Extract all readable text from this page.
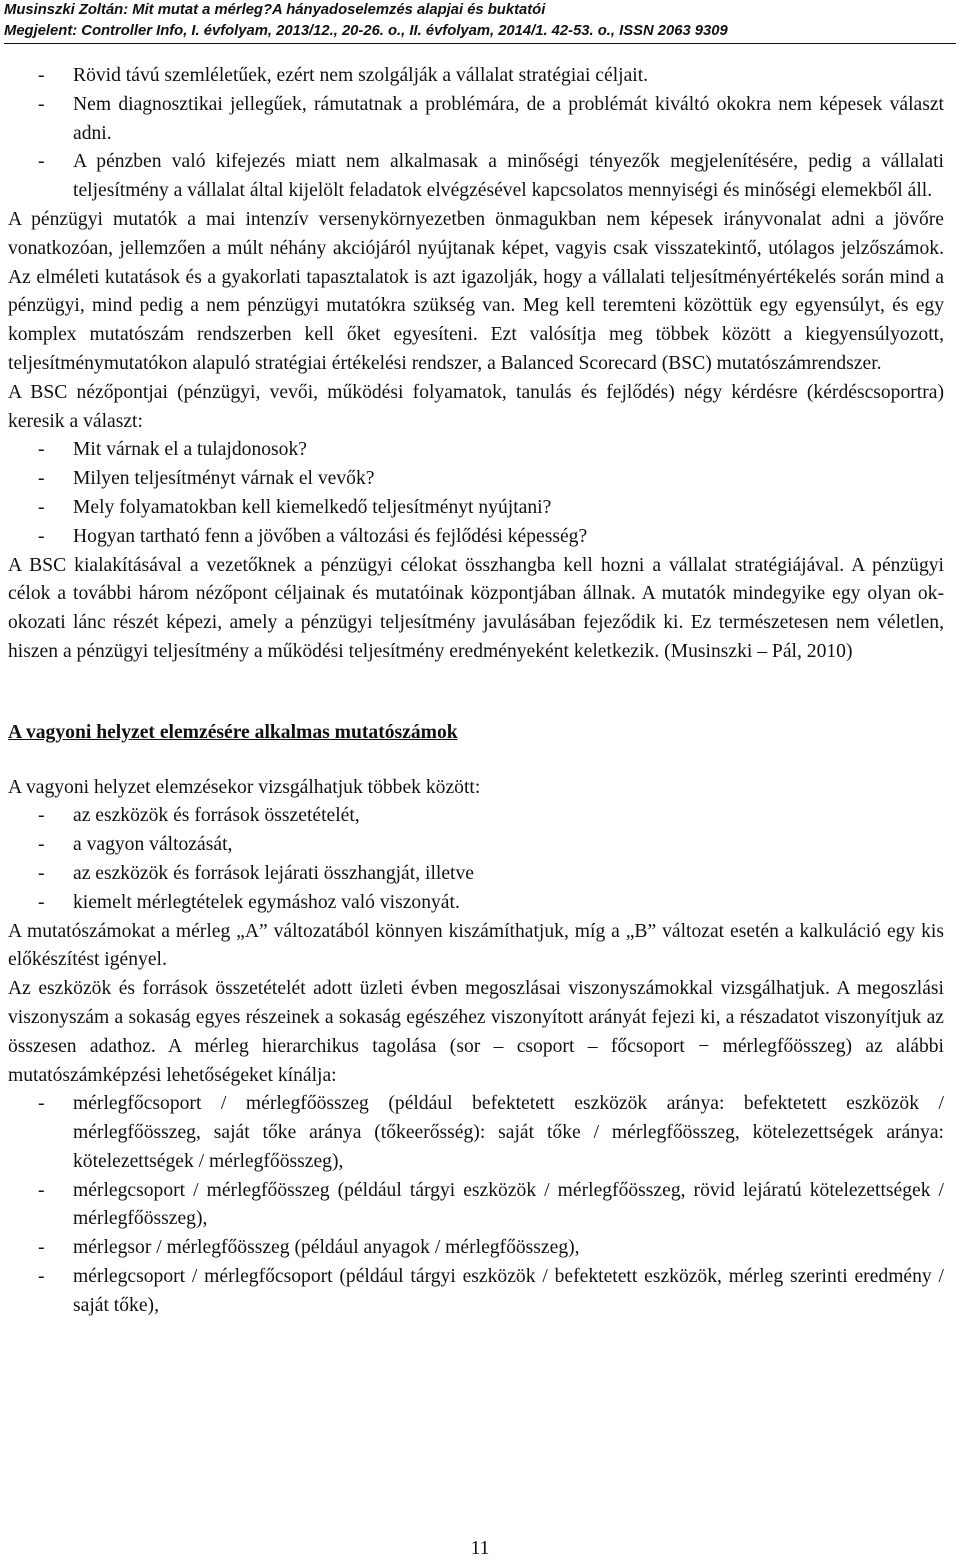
Musinszki Zoltán: Mit mutat a mérleg?A hányadoselemzés alapjai és buktatói
Megjelent: Controller Info, I. évfolyam, 2013/12., 20-26. o., II. évfolyam, 2014/1. 42-53. o., ISSN 2063 9309
-
Rövid távú szemléletűek, ezért nem szolgálják a vállalat stratégiai céljait.
-
Nem diagnosztikai jellegűek, rámutatnak a problémára, de a problémát kiváltó okokra nem képesek választ adni.
-
A pénzben való kifejezés miatt nem alkalmasak a minőségi tényezők megjelenítésére, pedig a vállalati teljesítmény a vállalat által kijelölt feladatok elvégzésével kapcsolatos mennyiségi és minőségi elemekből áll.

A pénzügyi mutatók a mai intenzív versenykörnyezetben önmagukban nem képesek irányvonalat adni a jövőre vonatkozóan, jellemzően a múlt néhány akciójáról nyújtanak képet, vagyis csak visszatekintő, utólagos jelzőszámok. Az elméleti kutatások és a gyakorlati tapasztalatok is azt igazolják, hogy a vállalati teljesítményértékelés során mind a pénzügyi, mind pedig a nem pénzügyi mutatókra szükség van. Meg kell teremteni közöttük egy egyensúlyt, és egy komplex mutatószám rendszerben kell őket egyesíteni. Ezt valósítja meg többek között a kiegyensúlyozott, teljesítménymutatókon alapuló stratégiai értékelési rendszer, a Balanced Scorecard (BSC) mutatószámrendszer.

A BSC nézőpontjai (pénzügyi, vevői, működési folyamatok, tanulás és fejlődés) négy kérdésre (kérdéscsoportra) keresik a választ:

-
Mit várnak el a tulajdonosok?
-
Milyen teljesítményt várnak el vevők?
-
Mely folyamatokban kell kiemelkedő teljesítményt nyújtani?
-
Hogyan tartható fenn a jövőben a változási és fejlődési képesség?

A BSC kialakításával a vezetőknek a pénzügyi célokat összhangba kell hozni a vállalat stratégiájával. A pénzügyi célok a további három nézőpont céljainak és mutatóinak központjában állnak. A mutatók mindegyike egy olyan ok-okozati lánc részét képezi, amely a pénzügyi teljesítmény javulásában fejeződik ki. Ez természetesen nem véletlen, hiszen a pénzügyi teljesítmény a működési teljesítmény eredményeként keletkezik. (Musinszki – Pál, 2010)

A vagyoni helyzet elemzésére alkalmas mutatószámok

A vagyoni helyzet elemzésekor vizsgálhatjuk többek között:

-
az eszközök és források összetételét,
-
a vagyon változását,
-
az eszközök és források lejárati összhangját, illetve
-
kiemelt mérlegtételek egymáshoz való viszonyát.

A mutatószámokat a mérleg „A” változatából könnyen kiszámíthatjuk, míg a „B” változat esetén a kalkuláció egy kis előkészítést igényel.

Az eszközök és források összetételét adott üzleti évben megoszlásai viszonyszámokkal vizsgálhatjuk. A megoszlási viszonyszám a sokaság egyes részeinek a sokaság egészéhez viszonyított arányát fejezi ki, a részadatot viszonyítjuk az összesen adathoz. A mérleg hierarchikus tagolása (sor – csoport – főcsoport − mérlegfőösszeg) az alábbi mutatószámképzési lehetőségeket kínálja:

-
mérlegfőcsoport / mérlegfőösszeg (például befektetett eszközök aránya: befektetett eszközök / mérlegfőösszeg, saját tőke aránya (tőkeerősség): saját tőke / mérlegfőösszeg, kötelezettségek aránya: kötelezettségek / mérlegfőösszeg),
-
mérlegcsoport / mérlegfőösszeg (például tárgyi eszközök / mérlegfőösszeg, rövid lejáratú kötelezettségek / mérlegfőösszeg),
-
mérlegsor / mérlegfőösszeg (például anyagok / mérlegfőösszeg),
-
mérlegcsoport / mérlegfőcsoport (például tárgyi eszközök / befektetett eszközök, mérleg szerinti eredmény / saját tőke),
11
